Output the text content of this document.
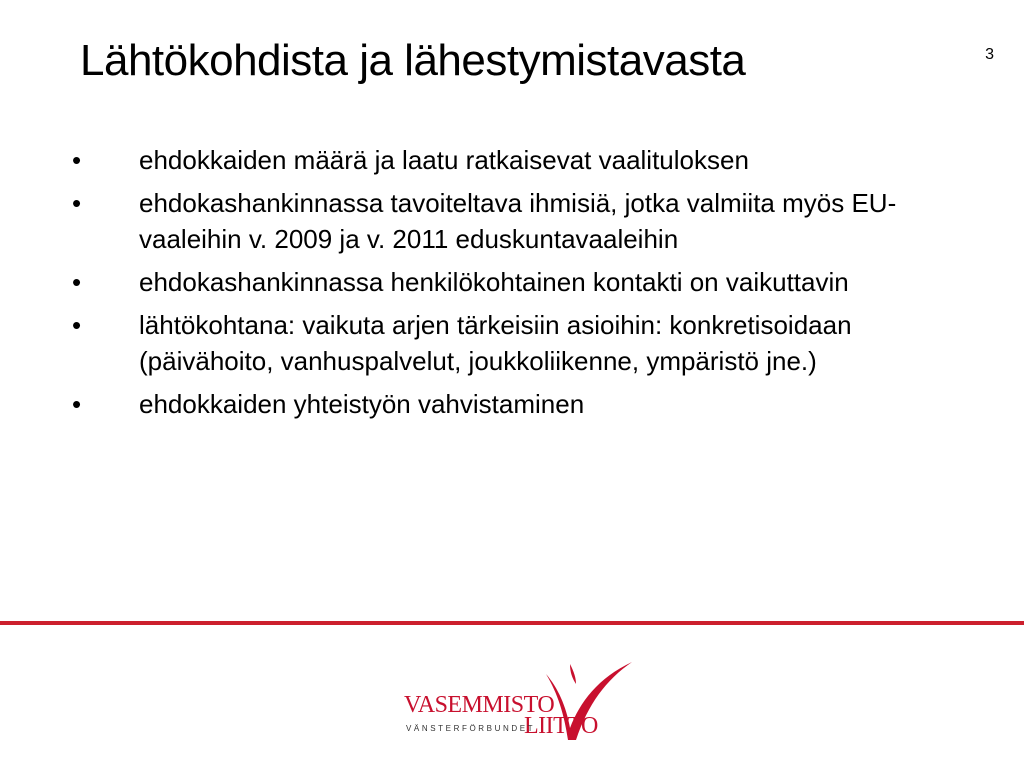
Lähtökohdista ja lähestymistavasta	3
•	ehdokkaiden määrä ja laatu ratkaisevat vaalituloksen
•	ehdokashankinnassa tavoiteltava ihmisiä, jotka valmiita myös EU-vaaleihin v. 2009 ja v. 2011 eduskuntavaaleihin
•	ehdokashankinnassa henkilökohtainen kontakti on vaikuttavin
•	lähtökohtana: vaikuta arjen tärkeisiin asioihin: konkretisoidaan (päivähoito, vanhuspalvelut, joukkoliikenne, ympäristö jne.)
•	ehdokkaiden yhteistyön vahvistaminen
VASEMMISTO
LIITTO
VÄNSTERFÖRBUNDET
